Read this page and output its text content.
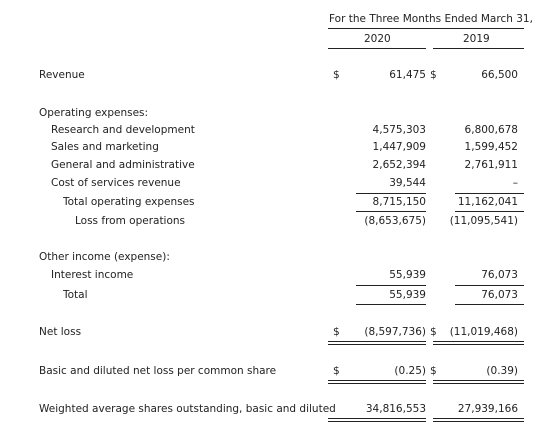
For the Three Months Ended March 31,
2020	2019
Revenue	$	61,475 $	66,500
Operating expenses:
Research and development	4,575,303	6,800,678
Sales and marketing	1,447,909	1,599,452
General and administrative	2,652,394	2,761,911
Cost of services revenue	39,544	–
Total operating expenses	8,715,150	11,162,041
Loss from operations	(8,653,675) (11,095,541)
Other income (expense):
Interest income	55,939	76,073
Total	55,939	76,073
Net loss	$ (8,597,736) $ (11,019,468)
Basic and diluted net loss per common share	$	(0.25) $	(0.39)
Weighted average shares outstanding, basic and diluted	34,816,553	27,939,166
